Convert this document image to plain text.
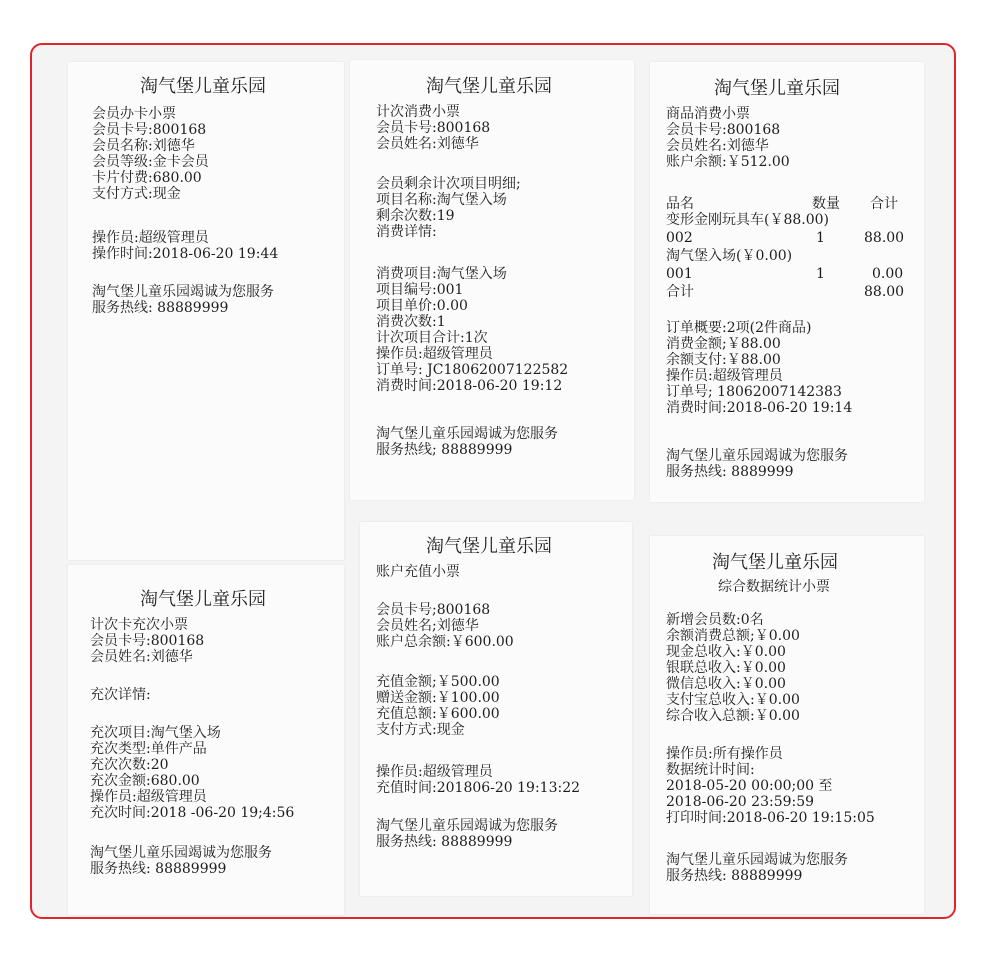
淘气堡儿童乐园
会员办卡小票
会员卡号:800168
会员名称:刘德华
会员等级:金卡会员
卡片付费:680.00
支付方式:现金
操作员:超级管理员
操作时间:2018-06-20 19:44
淘气堡儿童乐园竭诚为您服务
服务热线: 88889999
淘气堡儿童乐园
计次卡充次小票
会员卡号:800168
会员姓名:刘德华
充次详情:
充次项目:淘气堡入场
充次类型:单件产品
充次次数:20
充次金额:680.00
操作员:超级管理员
充次时间:2018 -06-20 19;4:56
淘气堡儿童乐园竭诚为您服务
服务热线: 88889999
淘气堡儿童乐园
计次消费小票
会员卡号:800168
会员姓名:刘德华
会员剩余计次项目明细;
项目名称:淘气堡入场
剩余次数:19
消费详情:
消费项目:淘气堡入场
项目编号:001
项目单价:0.00
消费次数:1
计次项目合计:1次
操作员:超级管理员
订单号: JC18062007122582
消费时间:2018-06-20 19:12
淘气堡儿童乐园竭诚为您服务
服务热线; 88889999
淘气堡儿童乐园
账户充值小票
会员卡号;800168
会员姓名;刘德华
账户总余额:￥600.00
充值金额;￥500.00
赠送金额:￥100.00
充值总额:￥600.00
支付方式:现金
操作员:超级管理员
充值时间:201806-20 19:13:22
淘气堡儿童乐园竭诚为您服务
服务热线: 88889999
淘气堡儿童乐园
商品消费小票
会员卡号:800168
会员姓名:刘德华
账户余额:￥512.00
品名	数量 合计
变形金刚玩具车(￥88.00)
002	1	88.00
淘气堡入场(￥0.00)
001	1	0.00
合计	88.00
订单概要:2项(2件商品)
消费金额;￥88.00
余额支付:￥88.00
操作员:超级管理员
订单号; 18062007142383
消费时间:2018-06-20 19:14
淘气堡儿童乐园竭诚为您服务
服务热线: 8889999
淘气堡儿童乐园
综合数据统计小票
新增会员数:0名
余额消费总额;￥0.00
现金总收入:￥0.00
银联总收入:￥0.00
微信总收入:￥0.00
支付宝总收入:￥0.00
综合收入总额:￥0.00
操作员:所有操作员
数据统计时间:
2018-05-20 00:00;00 至
2018-06-20 23:59:59
打印时间:2018-06-20 19:15:05
淘气堡儿童乐园竭诚为您服务
服务热线: 88889999
